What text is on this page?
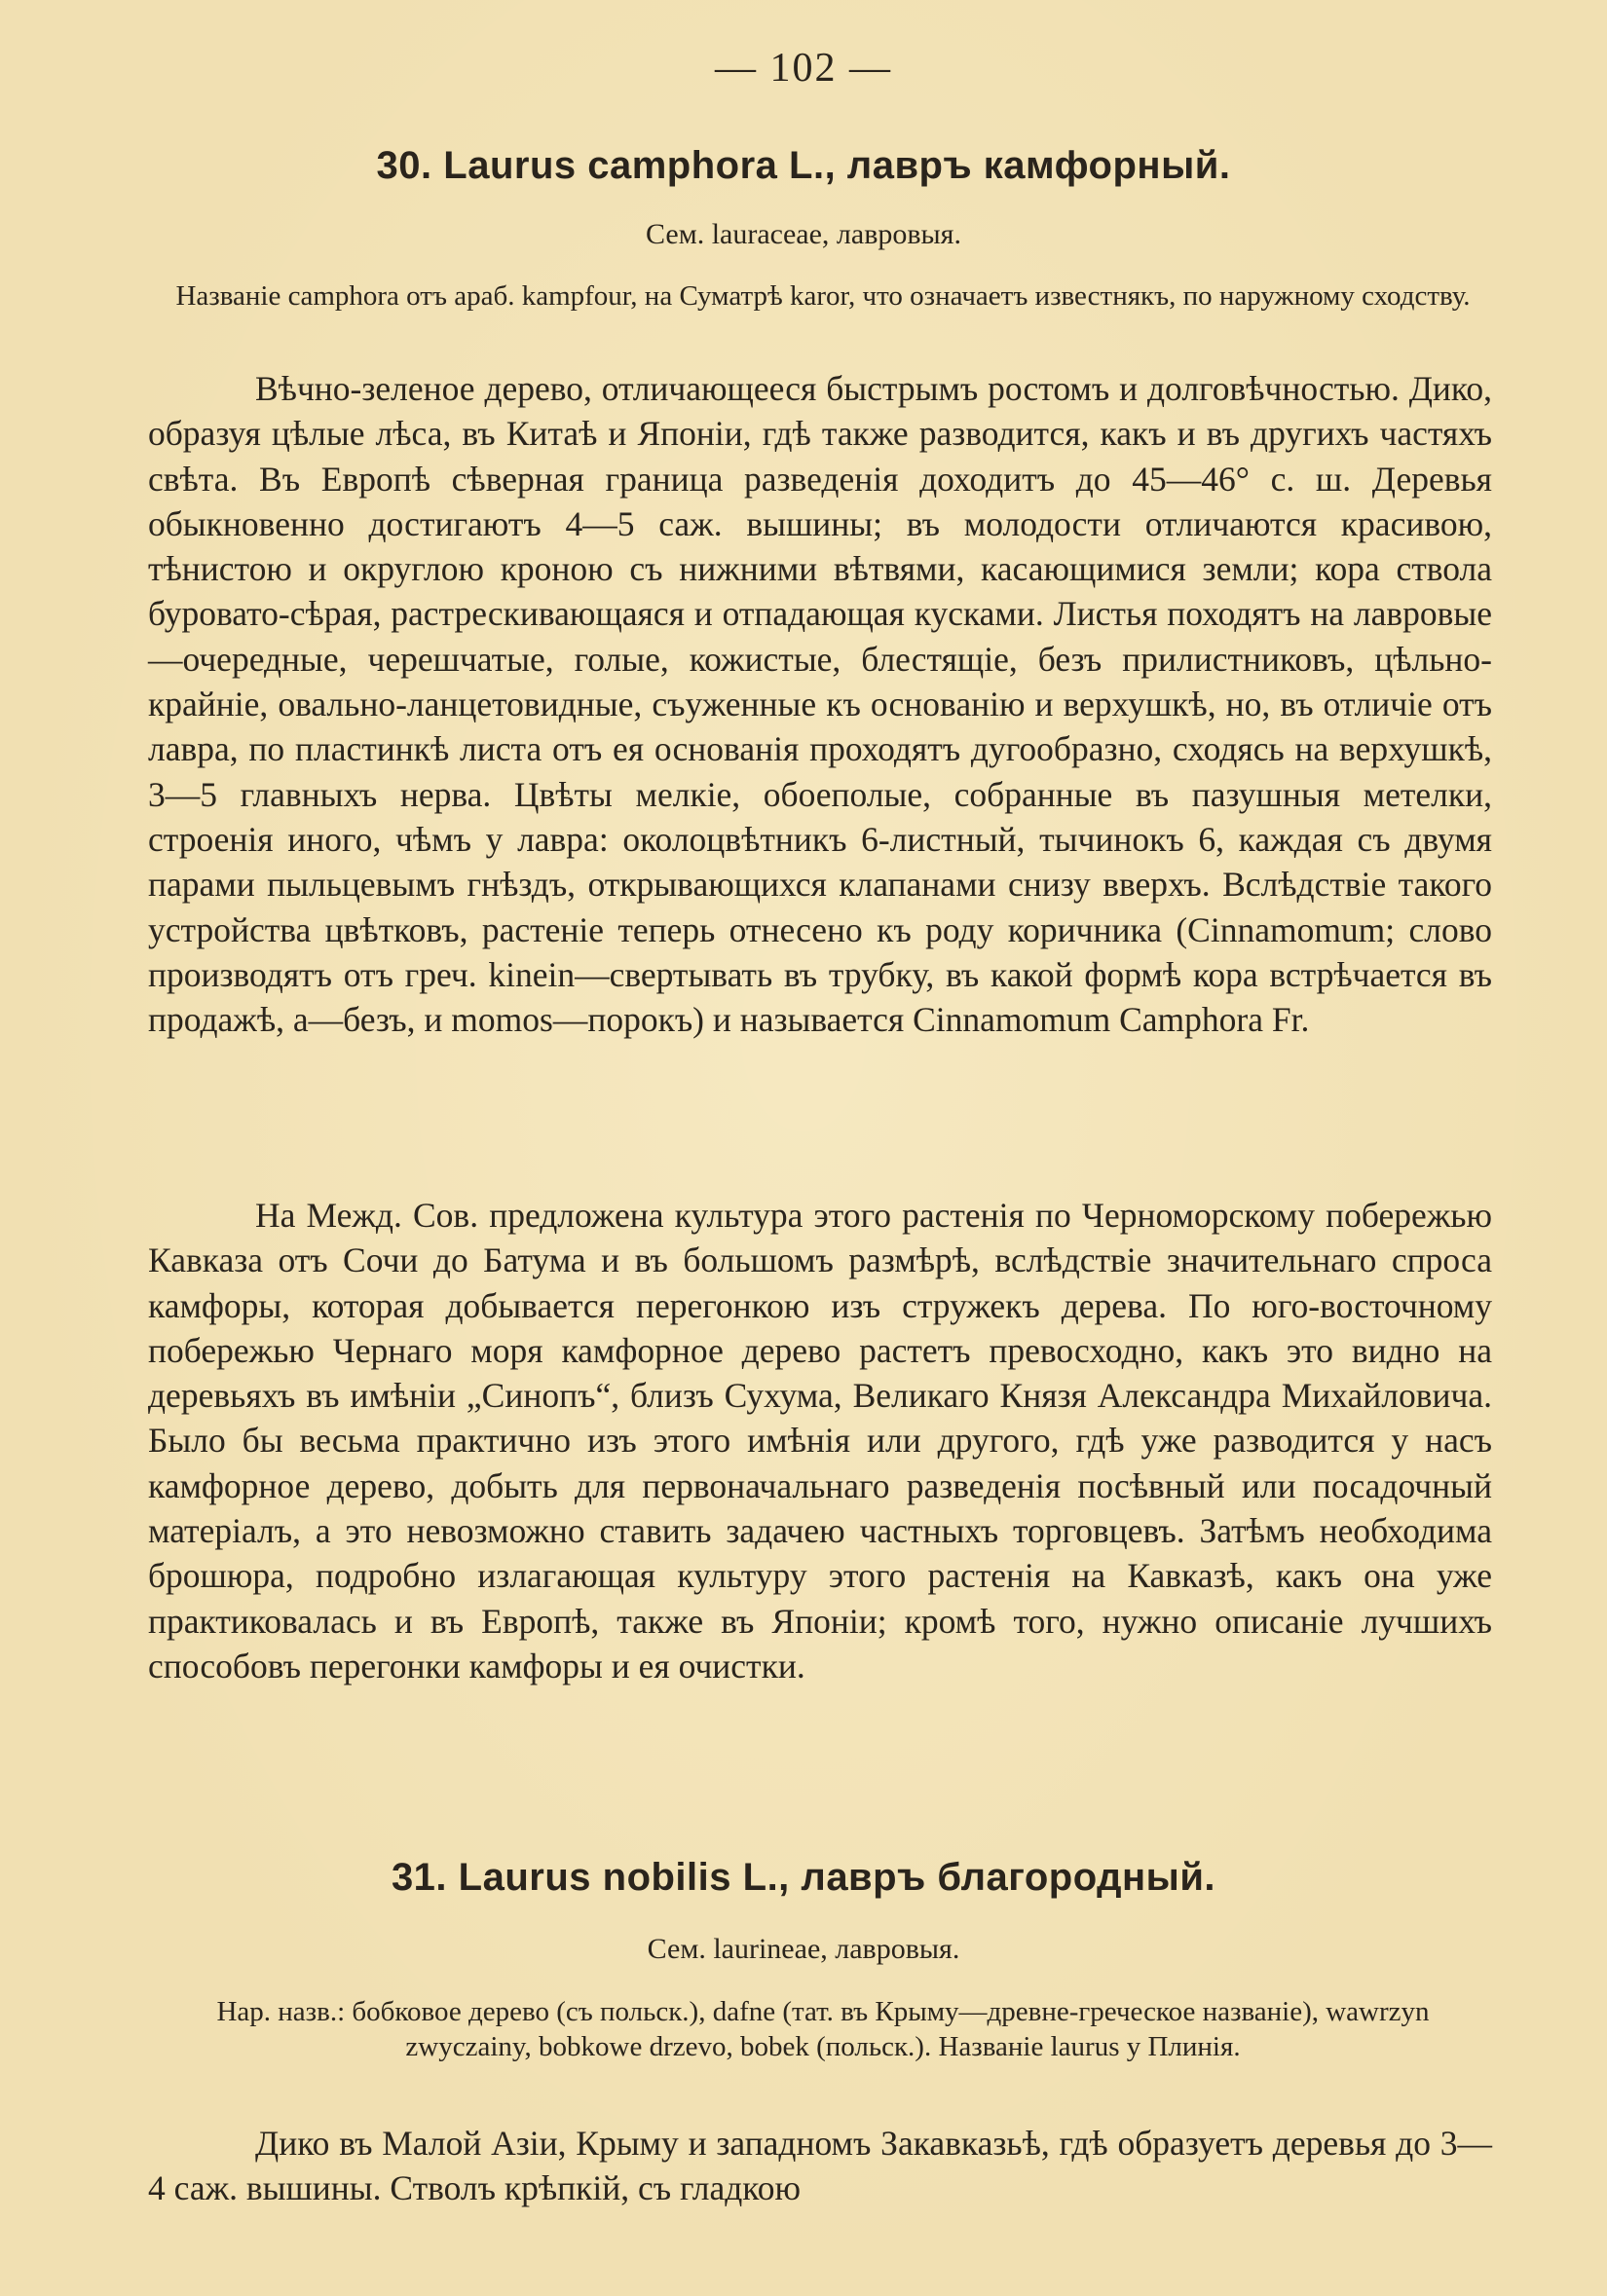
— 102 —
30. Laurus camphora L., лавръ камфорный.
Сем. lauraceae, лавровыя.
Названіе camphora отъ араб. kampfour, на Суматрѣ karor, что означаетъ известнякъ, по наружному сходству.

Вѣчно-зеленое дерево, отличающееся быстрымъ ростомъ и долговѣчностью. Дико, образуя цѣлые лѣса, въ Китаѣ и Японіи, гдѣ также разводится, какъ и въ другихъ частяхъ свѣта. Въ Европѣ сѣверная граница разведенія доходитъ до 45—46° с. ш. Деревья обыкновенно достигаютъ 4—5 саж. вышины; въ молодости отличаются красивою, тѣнистою и округлою кроною съ нижними вѣтвями, касающимися земли; кора ствола буровато-сѣрая, растрескивающаяся и отпадающая кусками. Листья походятъ на лавровые—очередные, черешчатые, голые, кожистые, блестящіе, безъ прилистниковъ, цѣльно-крайніе, овально-ланцетовидные, съуженные къ основанію и верхушкѣ, но, въ отличіе отъ лавра, по пластинкѣ листа отъ ея основанія проходятъ дугообразно, сходясь на верхушкѣ, 3—5 главныхъ нерва. Цвѣты мелкіе, обоеполые, собранные въ пазушныя метелки, строенія иного, чѣмъ у лавра: околоцвѣтникъ 6-листный, тычинокъ 6, каждая съ двумя парами пыльцевымъ гнѣздъ, открывающихся клапанами снизу вверхъ. Вслѣдствіе такого устройства цвѣтковъ, растеніе теперь отнесено къ роду коричника (Cinnamomum; слово производятъ отъ греч. kinein—свертывать въ трубку, въ какой формѣ кора встрѣчается въ продажѣ, а—безъ, и momos—порокъ) и называется Cinnamomum Camphora Fr.

На Межд. Сов. предложена культура этого растенія по Черноморскому побережью Кавказа отъ Сочи до Батума и въ большомъ размѣрѣ, вслѣдствіе значительнаго спроса камфоры, которая добывается перегонкою изъ стружекъ дерева. По юго-восточному побережью Чернаго моря камфорное дерево растетъ превосходно, какъ это видно на деревьяхъ въ имѣніи „Синопъ“, близъ Сухума, Великаго Князя Александра Михайловича. Было бы весьма практично изъ этого имѣнія или другого, гдѣ уже разводится у насъ камфорное дерево, добыть для первоначальнаго разведенія посѣвный или посадочный матеріалъ, а это невозможно ставить задачею частныхъ торговцевъ. Затѣмъ необходима брошюра, подробно излагающая культуру этого растенія на Кавказѣ, какъ она уже практиковалась и въ Европѣ, также въ Японіи; кромѣ того, нужно описаніе лучшихъ способовъ перегонки камфоры и ея очистки.

31. Laurus nobilis L., лавръ благородный.
Сем. laurineae, лавровыя.
Нар. назв.: бобковое дерево (съ польск.), dafne (тат. въ Крыму—древне-греческое названіе), wawrzyn zwyczainy, bobkowe drzevo, bobek (польск.). Названіе laurus у Плинія.

Дико въ Малой Азіи, Крыму и западномъ Закавказьѣ, гдѣ образуетъ деревья до 3—4 саж. вышины. Стволъ крѣпкій, съ гладкою
